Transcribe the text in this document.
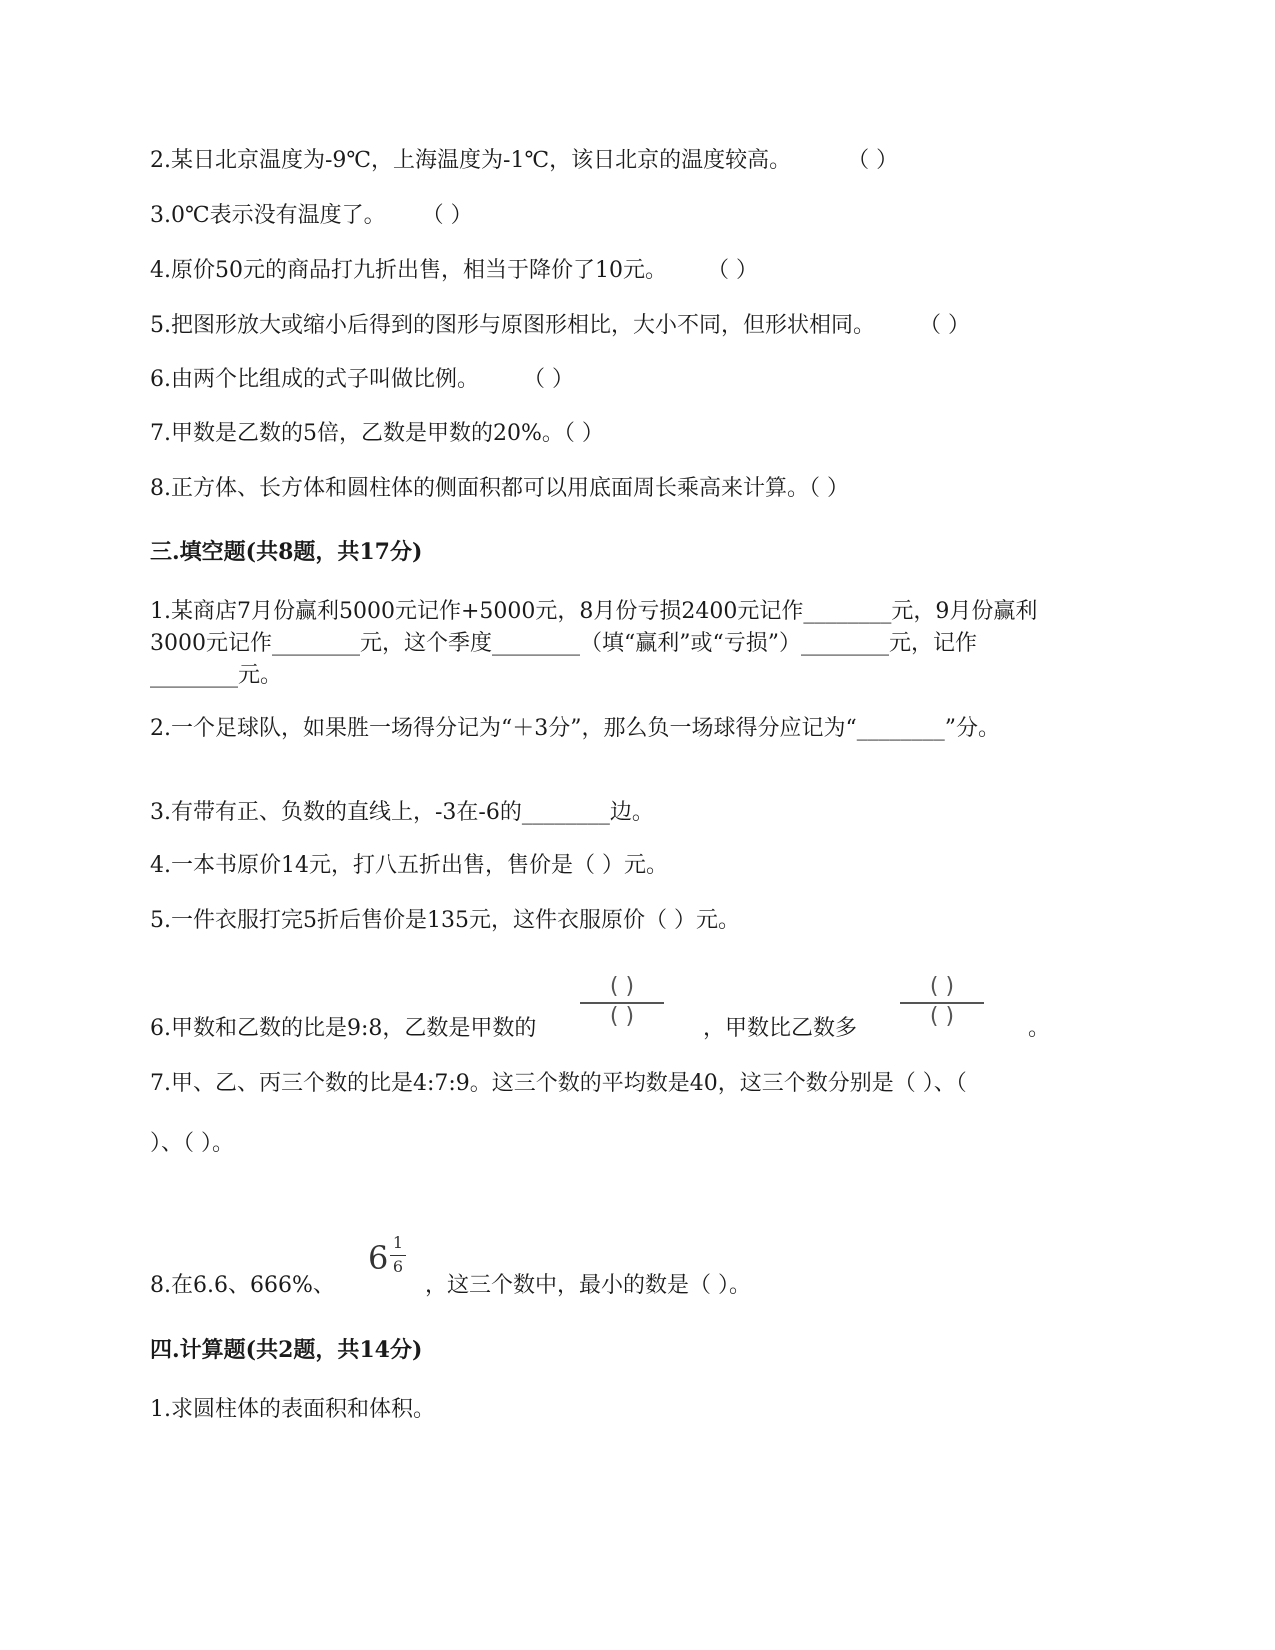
2.某日北京温度为-9℃，上海温度为-1℃，该日北京的温度较高。	（ ）
3.0℃表示没有温度了。 （ ）
4.原价50元的商品打九折出售，相当于降价了10元。 （ ）
5.把图形放大或缩小后得到的图形与原图形相比，大小不同，但形状相同。 （ ）
6.由两个比组成的式子叫做比例。 （ ）
7.甲数是乙数的5倍，乙数是甲数的20%。（ ）
8.正方体、长方体和圆柱体的侧面积都可以用底面周长乘高来计算。（ ）
三.填空题(共8题，共17分)
1.某商店7月份赢利5000元记作+5000元，8月份亏损2400元记作________元，9月份赢利
3000元记作________元，这个季度________（填“赢利”或“亏损”）________元，记作
________元。
2.一个足球队，如果胜一场得分记为“＋3分”，那么负一场球得分应记为“________”分。
3.有带有正、负数的直线上，-3在-6的________边。
4.一本书原价14元，打八五折出售，售价是（ ）元。
5.一件衣服打完5折后售价是135元，这件衣服原价（ ）元。
6.甲数和乙数的比是9:8，乙数是甲数的
( )
( )	，甲数比乙数多
( )
( )	。
7.甲、乙、丙三个数的比是4:7:9。这三个数的平均数是40，这三个数分别是（ ）、（
）、（ ）。
8.在6.6、666%、
6 1
6
，这三个数中，最小的数是（ ）。
四.计算题(共2题，共14分)
1.求圆柱体的表面积和体积。
